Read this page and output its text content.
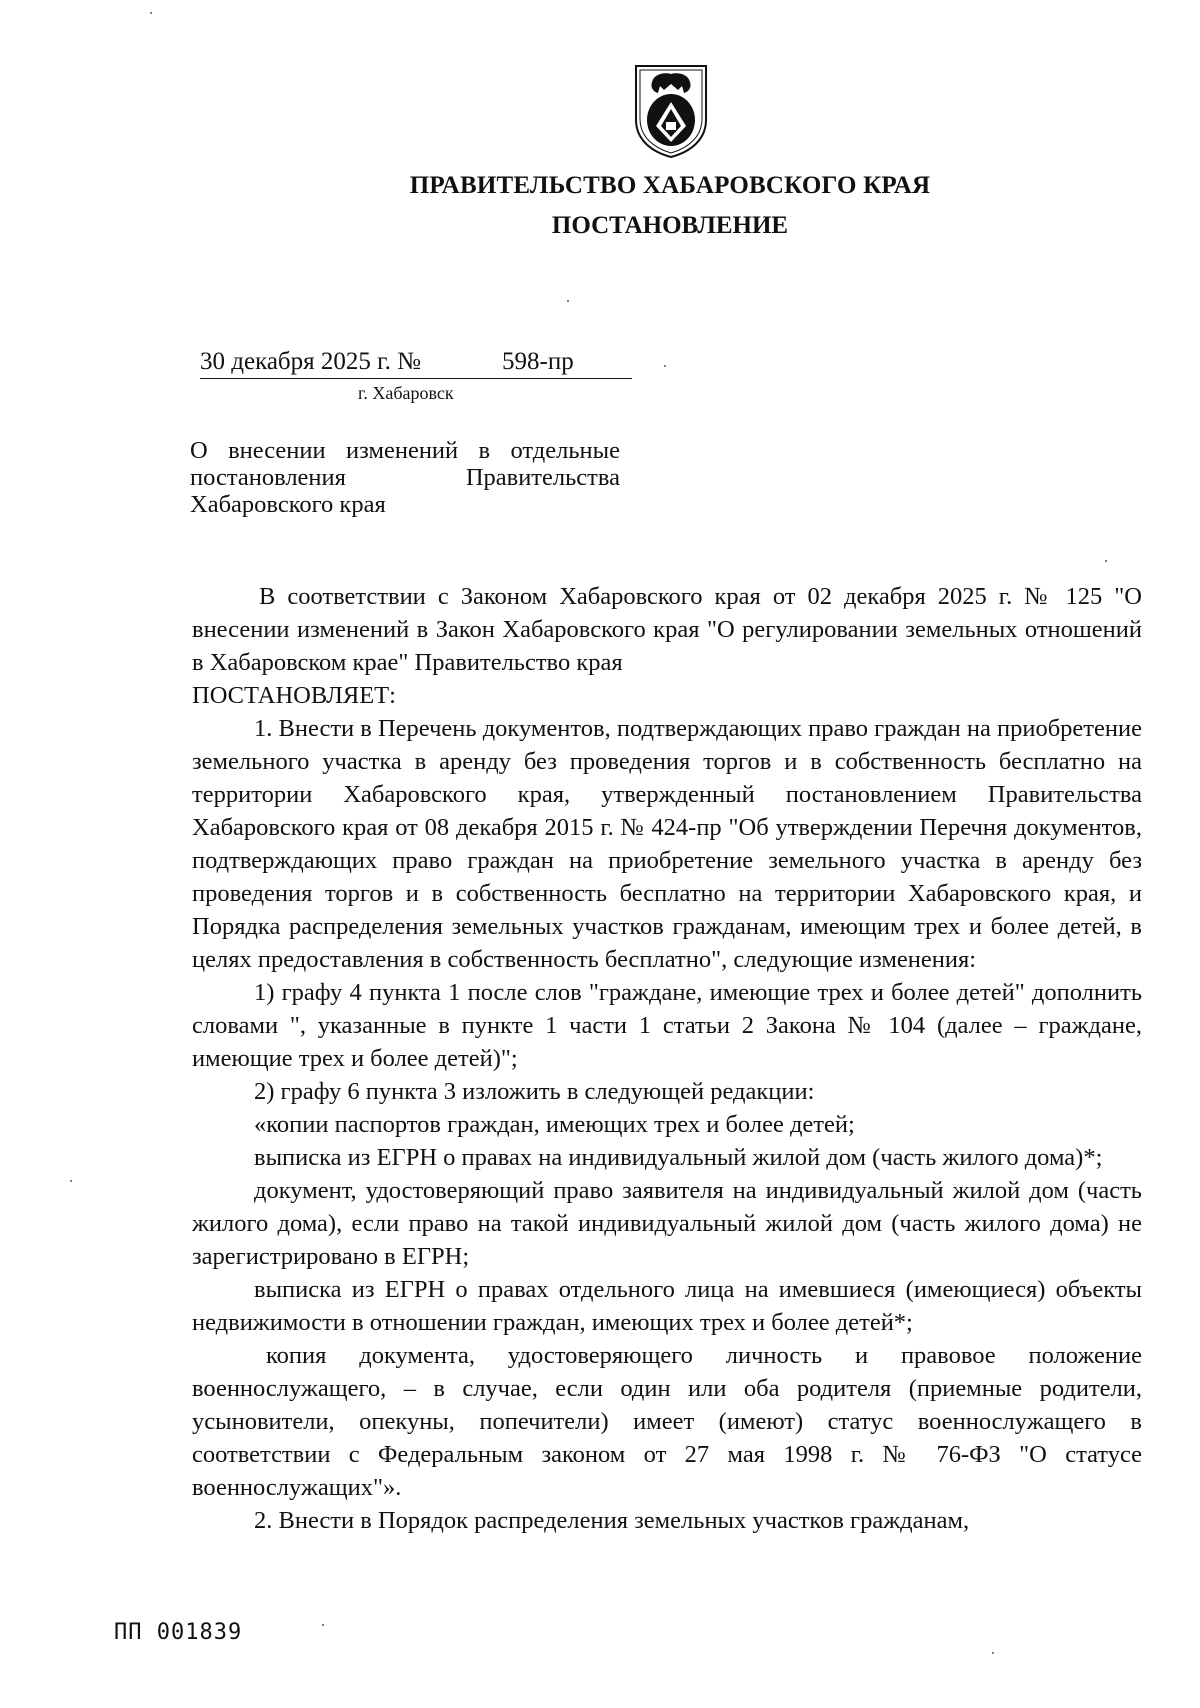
ПРАВИТЕЛЬСТВО ХАБАРОВСКОГО КРАЯ
ПОСТАНОВЛЕНИЕ
30 декабря 2025 г. №	598-пр
г. Хабаровск
О внесении изменений в отдельные
постановления Правительства
Хабаровского края

В соответствии с Законом Хабаровского края от 02 декабря 2025 г. № 125 "О внесении изменений в Закон Хабаровского края "О регулировании земельных отношений в Хабаровском крае" Правительство края

ПОСТАНОВЛЯЕТ:

1. Внести в Перечень документов, подтверждающих право граждан на приобретение земельного участка в аренду без проведения торгов и в собственность бесплатно на территории Хабаровского края, утвержденный постановлением Правительства Хабаровского края от 08 декабря 2015 г. № 424-пр "Об утверждении Перечня документов, подтверждающих право граждан на приобретение земельного участка в аренду без проведения торгов и в собственность бесплатно на территории Хабаровского края, и Порядка распределения земельных участков гражданам, имеющим трех и более детей, в целях предоставления в собственность бесплатно", следующие изменения:

1) графу 4 пункта 1 после слов "граждане, имеющие трех и более детей" дополнить словами ", указанные в пункте 1 части 1 статьи 2 Закона № 104 (далее – граждане, имеющие трех и более детей)";

2) графу 6 пункта 3 изложить в следующей редакции:

«копии паспортов граждан, имеющих трех и более детей;

выписка из ЕГРН о правах на индивидуальный жилой дом (часть жилого дома)*;

документ, удостоверяющий право заявителя на индивидуальный жилой дом (часть жилого дома), если право на такой индивидуальный жилой дом (часть жилого дома) не зарегистрировано в ЕГРН;

выписка из ЕГРН о правах отдельного лица на имевшиеся (имеющиеся) объекты недвижимости в отношении граждан, имеющих трех и более детей*;

копия документа, удостоверяющего личность и правовое положение военнослужащего, – в случае, если один или оба родителя (приемные родители, усыновители, опекуны, попечители) имеет (имеют) статус военнослужащего в соответствии с Федеральным законом от 27 мая 1998 г. № 76-ФЗ "О статусе военнослужащих"».

2. Внести в Порядок распределения земельных участков гражданам,

ПП 001839
